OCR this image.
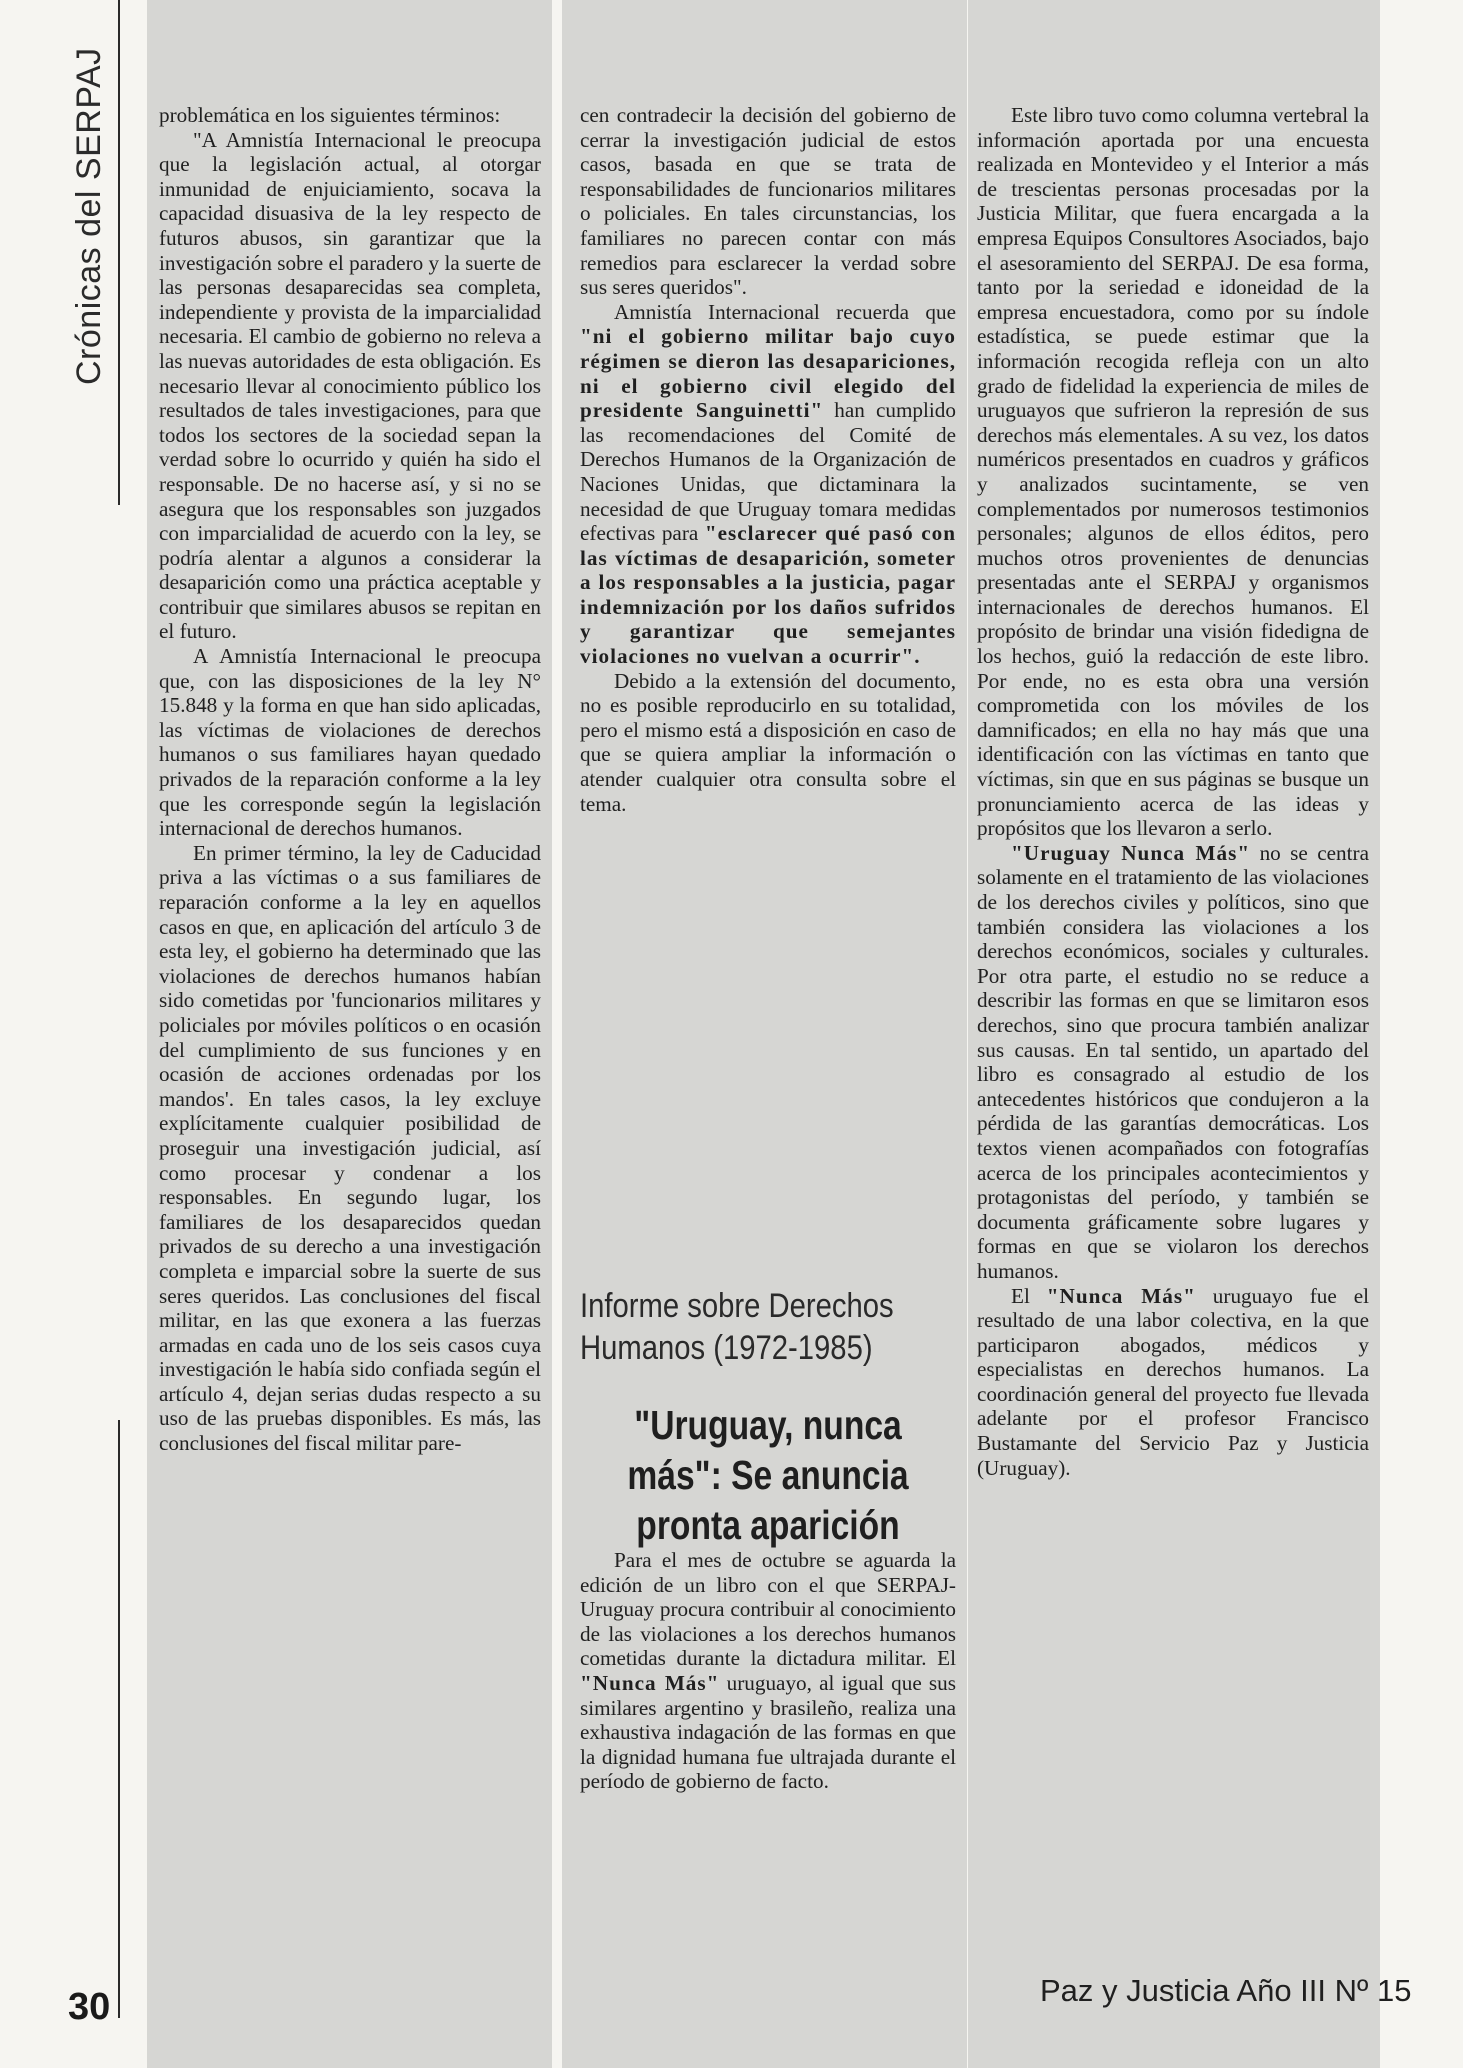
Crónicas del SERPAJ
30	Paz y Justicia Año III Nº 15

problemática en los siguientes términos:

"A Amnistía Internacional le preocupa que la legislación actual, al otorgar inmunidad de enjuiciamiento, socava la capacidad disuasiva de la ley respecto de futuros abusos, sin garantizar que la investigación sobre el paradero y la suerte de las personas desaparecidas sea completa, independiente y provista de la imparcialidad necesaria. El cambio de gobierno no releva a las nuevas autoridades de esta obligación. Es necesario llevar al conocimiento público los resultados de tales investigaciones, para que todos los sectores de la sociedad sepan la verdad sobre lo ocurrido y quién ha sido el responsable. De no hacerse así, y si no se asegura que los responsables son juzgados con imparcialidad de acuerdo con la ley, se podría alentar a algunos a considerar la desaparición como una práctica aceptable y contribuir que similares abusos se repitan en el futuro.

A Amnistía Internacional le preocupa que, con las disposiciones de la ley N° 15.848 y la forma en que han sido aplicadas, las víctimas de violaciones de derechos humanos o sus familiares hayan quedado privados de la reparación conforme a la ley que les corresponde según la legislación internacional de derechos humanos.

En primer término, la ley de Caducidad priva a las víctimas o a sus familiares de reparación conforme a la ley en aquellos casos en que, en aplicación del artículo 3 de esta ley, el gobierno ha determinado que las violaciones de derechos humanos habían sido cometidas por 'funcionarios militares y policiales por móviles políticos o en ocasión del cumplimiento de sus funciones y en ocasión de acciones ordenadas por los mandos'. En tales casos, la ley excluye explícitamente cualquier posibilidad de proseguir una investigación judicial, así como procesar y condenar a los responsables. En segundo lugar, los familiares de los desaparecidos quedan privados de su derecho a una investigación completa e imparcial sobre la suerte de sus seres queridos. Las conclusiones del fiscal militar, en las que exonera a las fuerzas armadas en cada uno de los seis casos cuya investigación le había sido confiada según el artículo 4, dejan serias dudas respecto a su uso de las pruebas disponibles. Es más, las conclusiones del fiscal militar pare-

cen contradecir la decisión del gobierno de cerrar la investigación judicial de estos casos, basada en que se trata de responsabilidades de funcionarios militares o policiales. En tales circunstancias, los familiares no parecen contar con más remedios para esclarecer la verdad sobre sus seres queridos".

Amnistía Internacional recuerda que "ni el gobierno militar bajo cuyo régimen se dieron las desapariciones, ni el gobierno civil elegido del presidente Sanguinetti" han cumplido las recomendaciones del Comité de Derechos Humanos de la Organización de Naciones Unidas, que dictaminara la necesidad de que Uruguay tomara medidas efectivas para "esclarecer qué pasó con las víctimas de desaparición, someter a los responsables a la justicia, pagar indemnización por los daños sufridos y garantizar que semejantes violaciones no vuelvan a ocurrir".

Debido a la extensión del documento, no es posible reproducirlo en su totalidad, pero el mismo está a disposición en caso de que se quiera ampliar la información o atender cualquier otra consulta sobre el tema.

Informe sobre Derechos Humanos (1972-1985)
"Uruguay, nunca más": Se anuncia pronta aparición

Para el mes de octubre se aguarda la edición de un libro con el que SERPAJ-Uruguay procura contribuir al conocimiento de las violaciones a los derechos humanos cometidas durante la dictadura militar. El "Nunca Más" uruguayo, al igual que sus similares argentino y brasileño, realiza una exhaustiva indagación de las formas en que la dignidad humana fue ultrajada durante el período de gobierno de facto.

Este libro tuvo como columna vertebral la información aportada por una encuesta realizada en Montevideo y el Interior a más de trescientas personas procesadas por la Justicia Militar, que fuera encargada a la empresa Equipos Consultores Asociados, bajo el asesoramiento del SERPAJ. De esa forma, tanto por la seriedad e idoneidad de la empresa encuestadora, como por su índole estadística, se puede estimar que la información recogida refleja con un alto grado de fidelidad la experiencia de miles de uruguayos que sufrieron la represión de sus derechos más elementales. A su vez, los datos numéricos presentados en cuadros y gráficos y analizados sucintamente, se ven complementados por numerosos testimonios personales; algunos de ellos éditos, pero muchos otros provenientes de denuncias presentadas ante el SERPAJ y organismos internacionales de derechos humanos. El propósito de brindar una visión fidedigna de los hechos, guió la redacción de este libro. Por ende, no es esta obra una versión comprometida con los móviles de los damnificados; en ella no hay más que una identificación con las víctimas en tanto que víctimas, sin que en sus páginas se busque un pronunciamiento acerca de las ideas y propósitos que los llevaron a serlo.

"Uruguay Nunca Más" no se centra solamente en el tratamiento de las violaciones de los derechos civiles y políticos, sino que también considera las violaciones a los derechos económicos, sociales y culturales. Por otra parte, el estudio no se reduce a describir las formas en que se limitaron esos derechos, sino que procura también analizar sus causas. En tal sentido, un apartado del libro es consagrado al estudio de los antecedentes históricos que condujeron a la pérdida de las garantías democráticas. Los textos vienen acompañados con fotografías acerca de los principales acontecimientos y protagonistas del período, y también se documenta gráficamente sobre lugares y formas en que se violaron los derechos humanos.

El "Nunca Más" uruguayo fue el resultado de una labor colectiva, en la que participaron abogados, médicos y especialistas en derechos humanos. La coordinación general del proyecto fue llevada adelante por el profesor Francisco Bustamante del Servicio Paz y Justicia (Uruguay).
